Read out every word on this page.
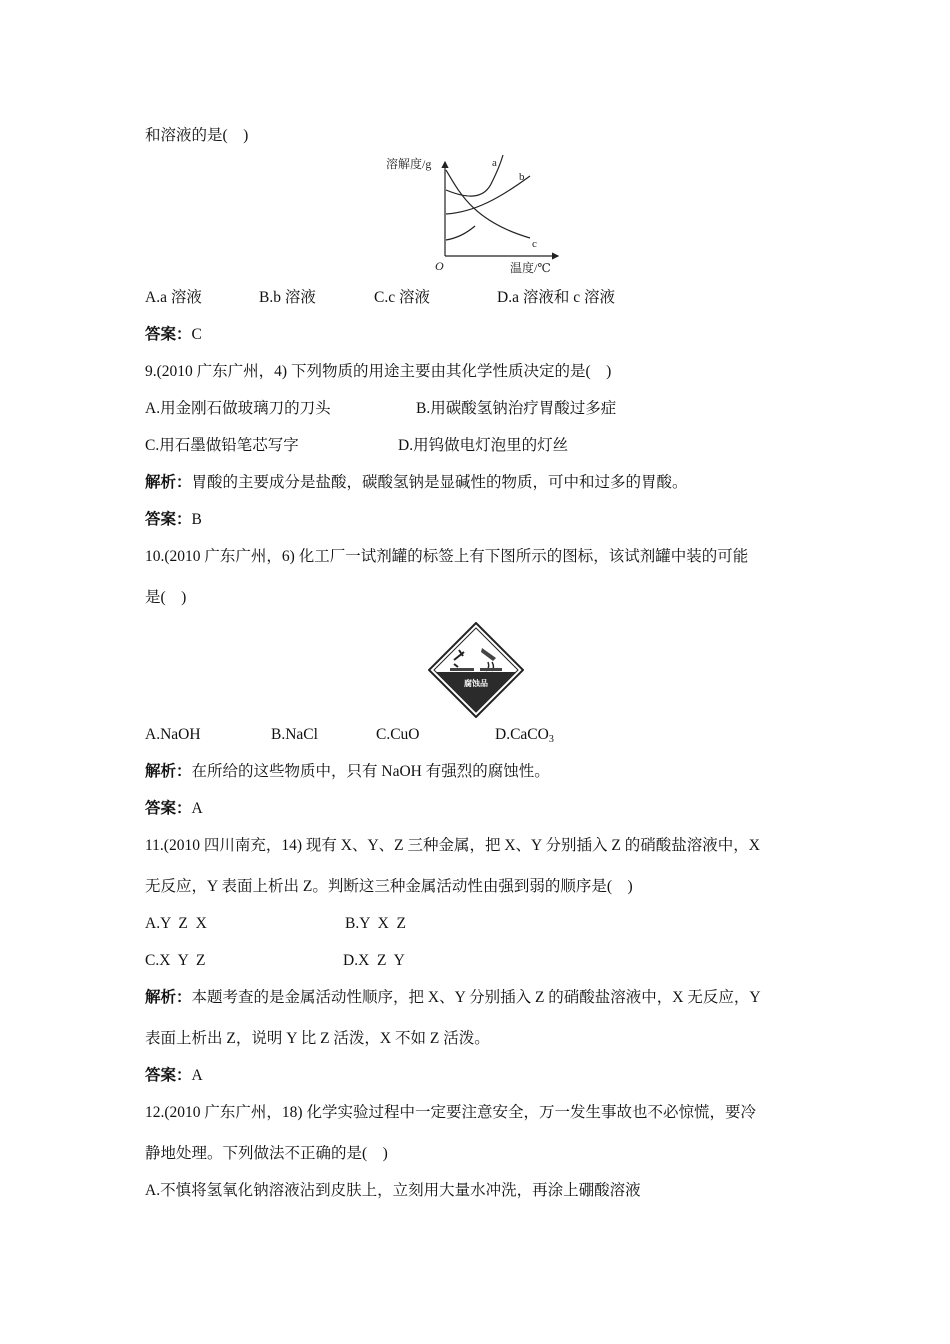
和溶液的是(　)
溶解度/g	a
b
c
O	温度/℃
A.a 溶液	B.b 溶液	C.c 溶液	D.a 溶液和 c 溶液
答案：C
9.(2010 广东广州，4) 下列物质的用途主要由其化学性质决定的是(　)
A.用金刚石做玻璃刀的刀头	B.用碳酸氢钠治疗胃酸过多症
C.用石墨做铅笔芯写字	D.用钨做电灯泡里的灯丝
解析：胃酸的主要成分是盐酸，碳酸氢钠是显碱性的物质，可中和过多的胃酸。
答案：B
10.(2010 广东广州，6) 化工厂一试剂罐的标签上有下图所示的图标，该试剂罐中装的可能
是(　)
腐蚀品
A.NaOH	B.NaCl	C.CuO	D.CaCO$_3$
解析：在所给的这些物质中，只有 NaOH 有强烈的腐蚀性。
答案：A
11.(2010 四川南充，14) 现有 X、Y、Z 三种金属，把 X、Y 分别插入 Z 的硝酸盐溶液中，X
无反应，Y 表面上析出 Z。判断这三种金属活动性由强到弱的顺序是(　)
A.Y  Z  X	B.Y  X  Z
C.X  Y  Z	D.X  Z  Y
解析：本题考查的是金属活动性顺序，把 X、Y 分别插入 Z 的硝酸盐溶液中，X 无反应，Y
表面上析出 Z，说明 Y 比 Z 活泼，X 不如 Z 活泼。
答案：A
12.(2010 广东广州，18) 化学实验过程中一定要注意安全，万一发生事故也不必惊慌，要冷
静地处理。下列做法不正确的是(　)
A.不慎将氢氧化钠溶液沾到皮肤上，立刻用大量水冲洗，再涂上硼酸溶液
